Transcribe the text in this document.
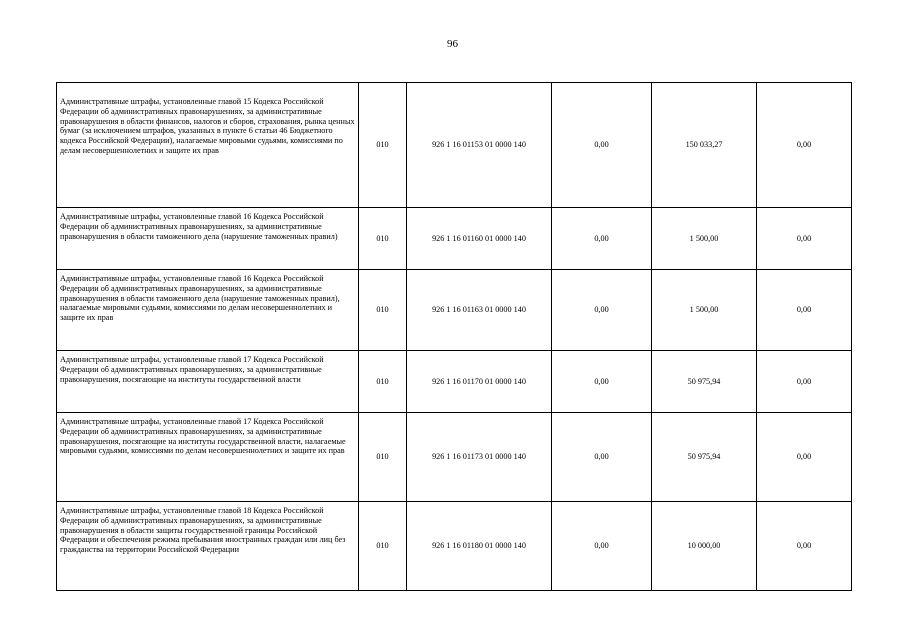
96
Административные штрафы, установленные главой 15 Кодекса Российской Федерации об административных правонарушениях, за административные правонарушения в области финансов, налогов и сборов, страхования, рынка ценных бумаг (за исключением штрафов, указанных в пункте 6 статьи 46 Бюджетного кодекса Российской Федерации), налагаемые мировыми судьями, комиссиями по делам несовершеннолетних и защите их прав	010	926 1 16 01153 01 0000 140	0,00	150 033,27	0,00
Административные штрафы, установленные главой 16 Кодекса Российской Федерации об административных правонарушениях, за административные правонарушения в области таможенного дела (нарушение таможенных правил)	010	926 1 16 01160 01 0000 140	0,00	1 500,00	0,00
Административные штрафы, установленные главой 16 Кодекса Российской Федерации об административных правонарушениях, за административные правонарушения в области таможенного дела (нарушение таможенных правил), налагаемые мировыми судьями, комиссиями по делам несовершеннолетних и защите их прав	010	926 1 16 01163 01 0000 140	0,00	1 500,00	0,00
Административные штрафы, установленные главой 17 Кодекса Российской Федерации об административных правонарушениях, за административные правонарушения, посягающие на институты государственной власти	010	926 1 16 01170 01 0000 140	0,00	50 975,94	0,00
Административные штрафы, установленные главой 17 Кодекса Российской Федерации об административных правонарушениях, за административные правонарушения, посягающие на институты государственной власти, налагаемые мировыми судьями, комиссиями по делам несовершеннолетних и защите их прав	010	926 1 16 01173 01 0000 140	0,00	50 975,94	0,00
Административные штрафы, установленные главой 18 Кодекса Российской Федерации об административных правонарушениях, за административные правонарушения в области защиты государственной границы Российской Федерации и обеспечения режима пребывания иностранных граждан или лиц без гражданства на территории Российской Федерации	010	926 1 16 01180 01 0000 140	0,00	10 000,00	0,00
